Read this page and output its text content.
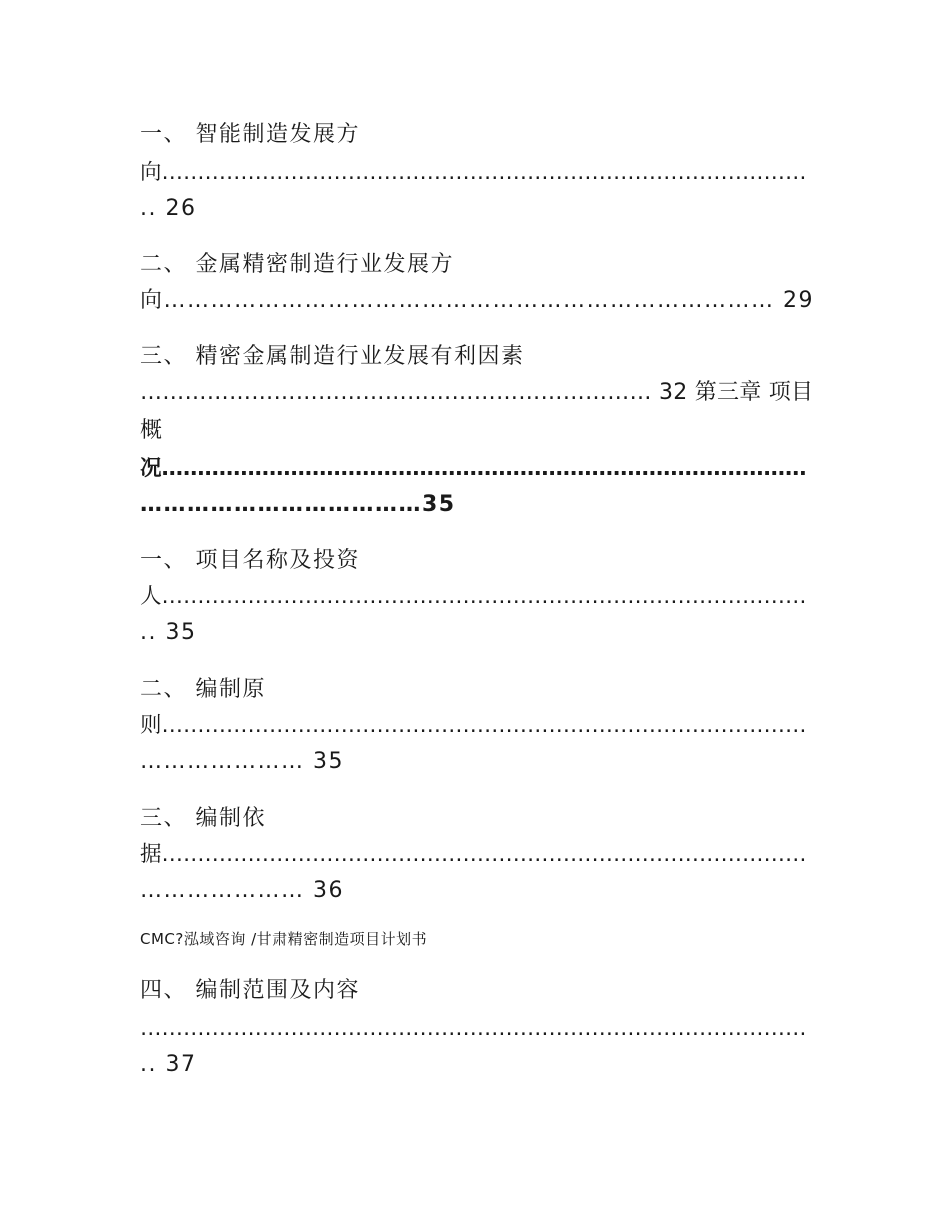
一、 智能制造发展方
向………………………………………………………………………………
.. 26
二、 金属精密制造行业发展方
向…………………………………………………………………… 29
三、 精密金属制造行业发展有利因素
…………………………………………………………… 32 第三章 项目
概
况………………………………………………………………………………
………………………………35
一、 项目名称及投资
人………………………………………………………………………………
.. 35
二、 编制原
则………………………………………………………………………………
………………… 35
三、 编制依
据………………………………………………………………………………
………………… 36
CMC?泓域咨询 /甘肃精密制造项目计划书
四、 编制范围及内容
…………………………………………………………………………………
.. 37
